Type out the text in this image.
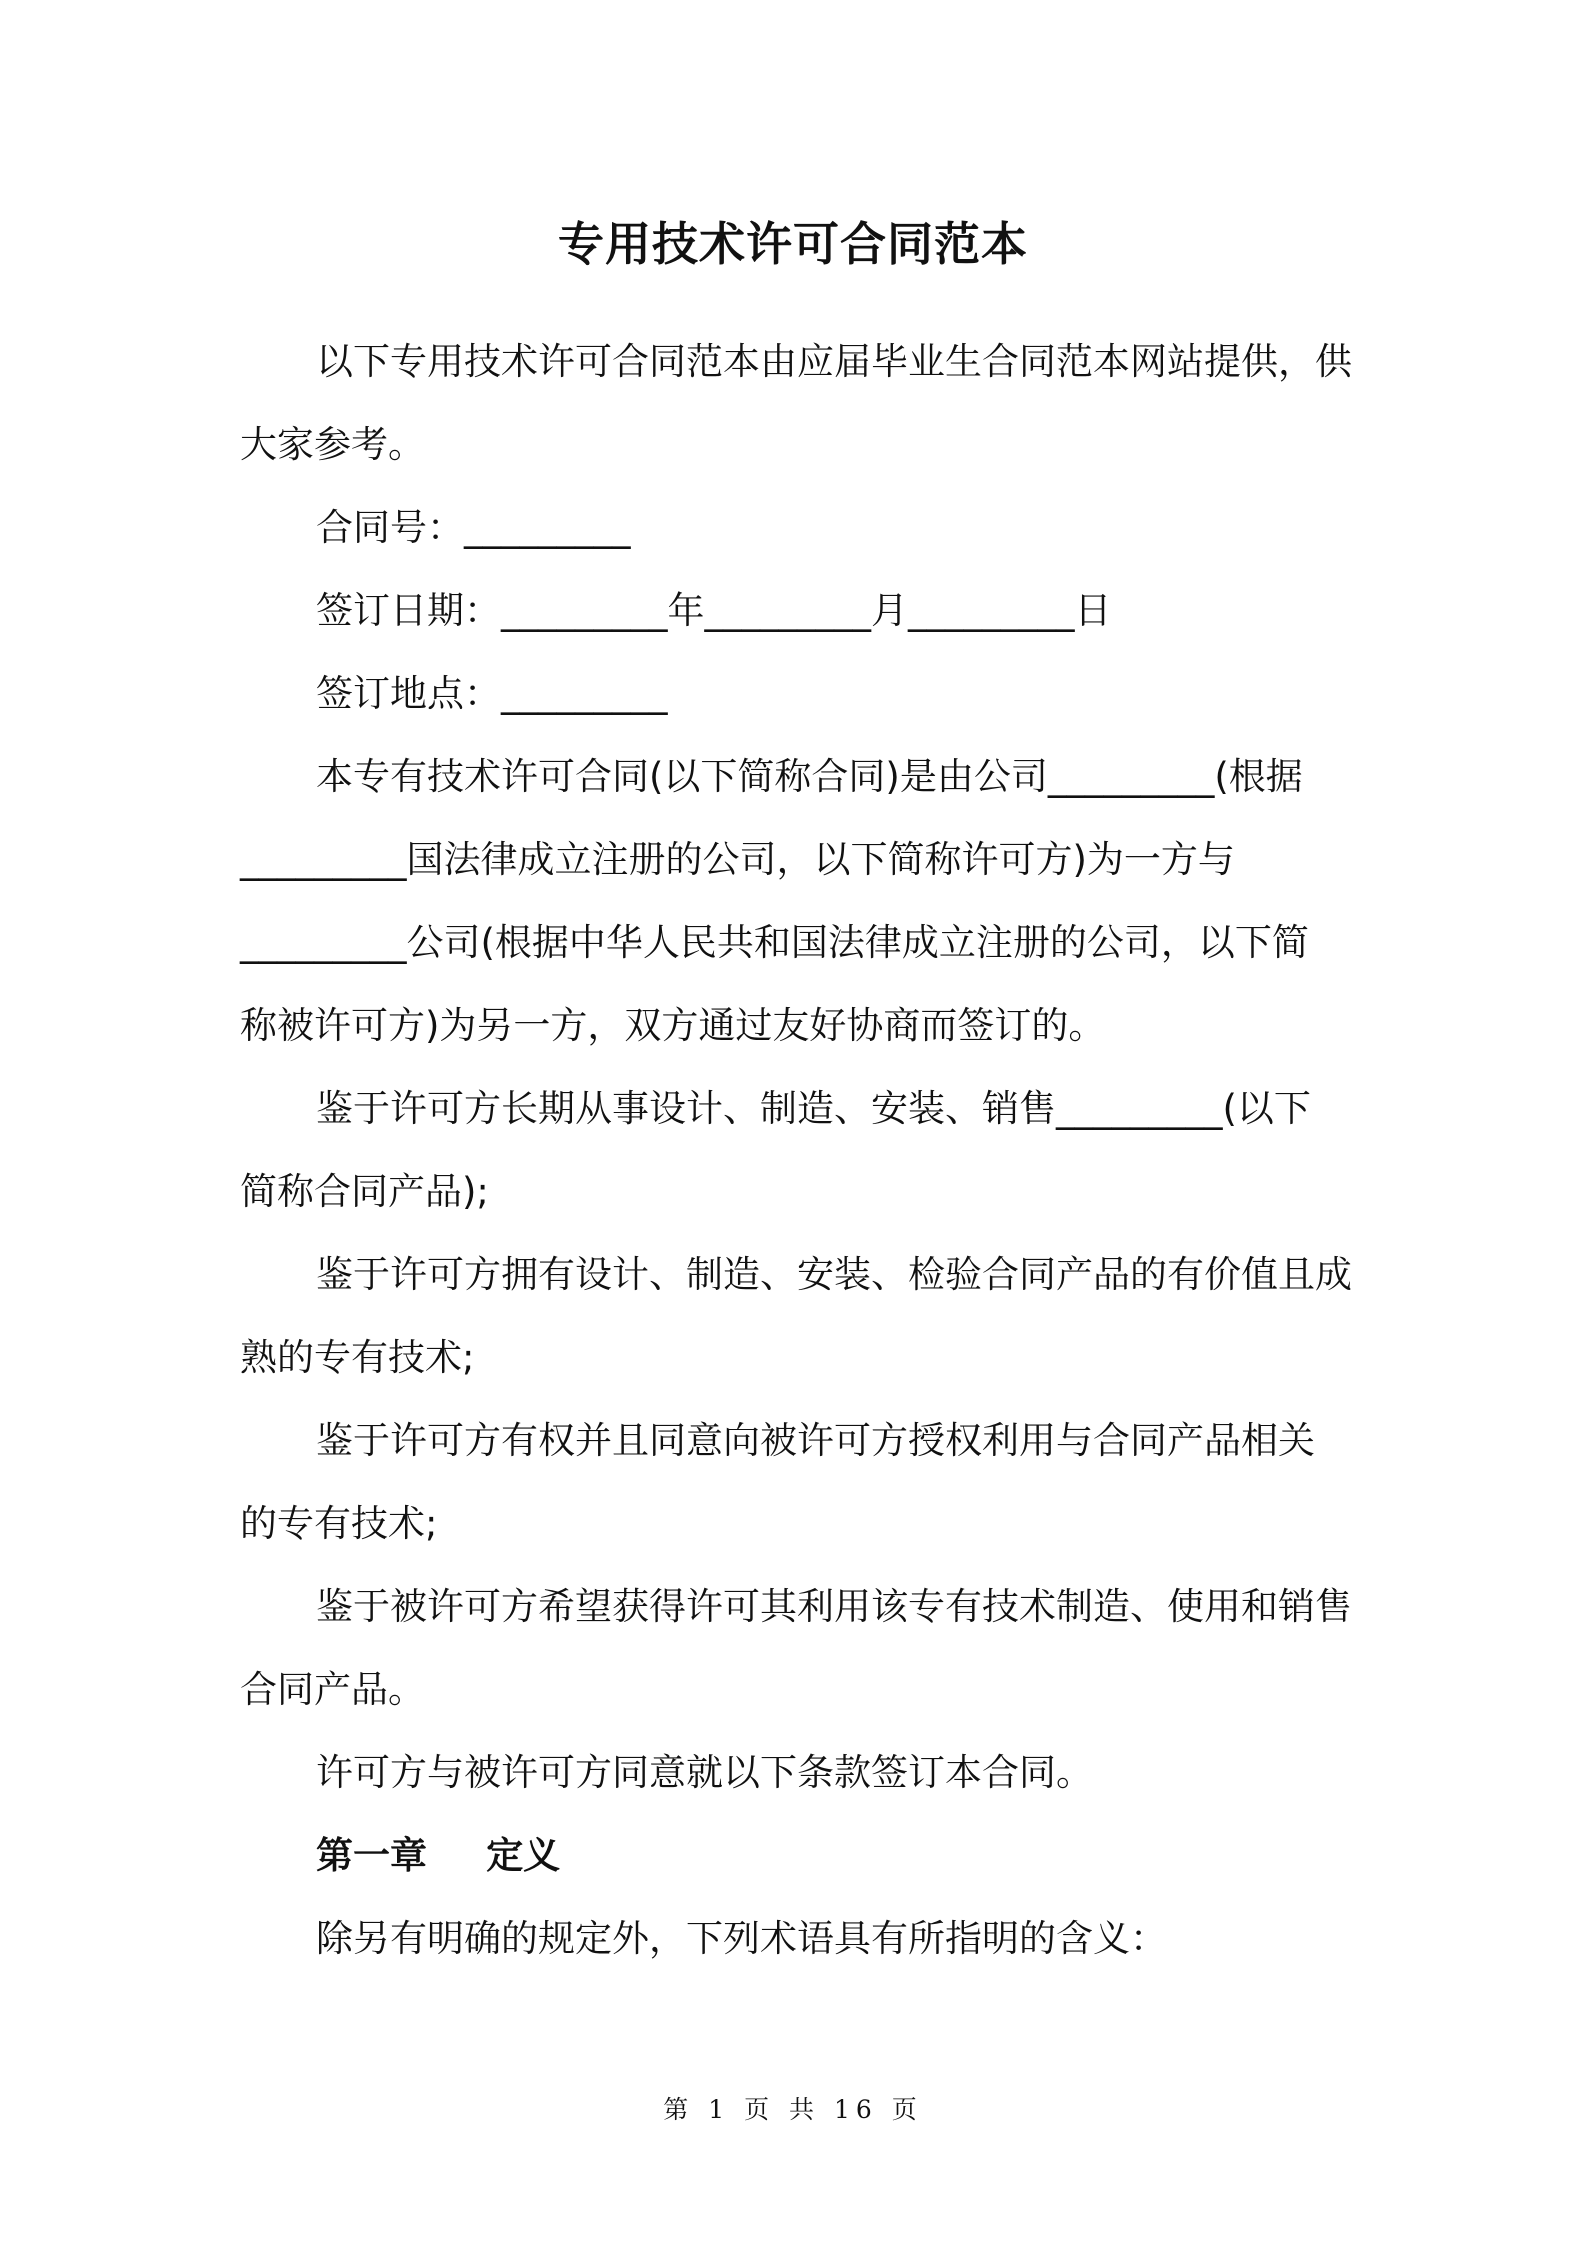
专用技术许可合同范本

以下专用技术许可合同范本由应届毕业生合同范本网站提供，供

大家参考。

合同号：_________

签订日期：_________年_________月_________日

签订地点：_________

本专有技术许可合同(以下简称合同)是由公司_________(根据

_________国法律成立注册的公司，以下简称许可方)为一方与

_________公司(根据中华人民共和国法律成立注册的公司，以下简

称被许可方)为另一方，双方通过友好协商而签订的。

鉴于许可方长期从事设计、制造、安装、销售_________(以下

简称合同产品);

鉴于许可方拥有设计、制造、安装、检验合同产品的有价值且成

熟的专有技术;

鉴于许可方有权并且同意向被许可方授权利用与合同产品相关

的专有技术;

鉴于被许可方希望获得许可其利用该专有技术制造、使用和销售

合同产品。

许可方与被许可方同意就以下条款签订本合同。

第一章 定义

除另有明确的规定外，下列术语具有所指明的含义：

第 1 页 共 16 页
